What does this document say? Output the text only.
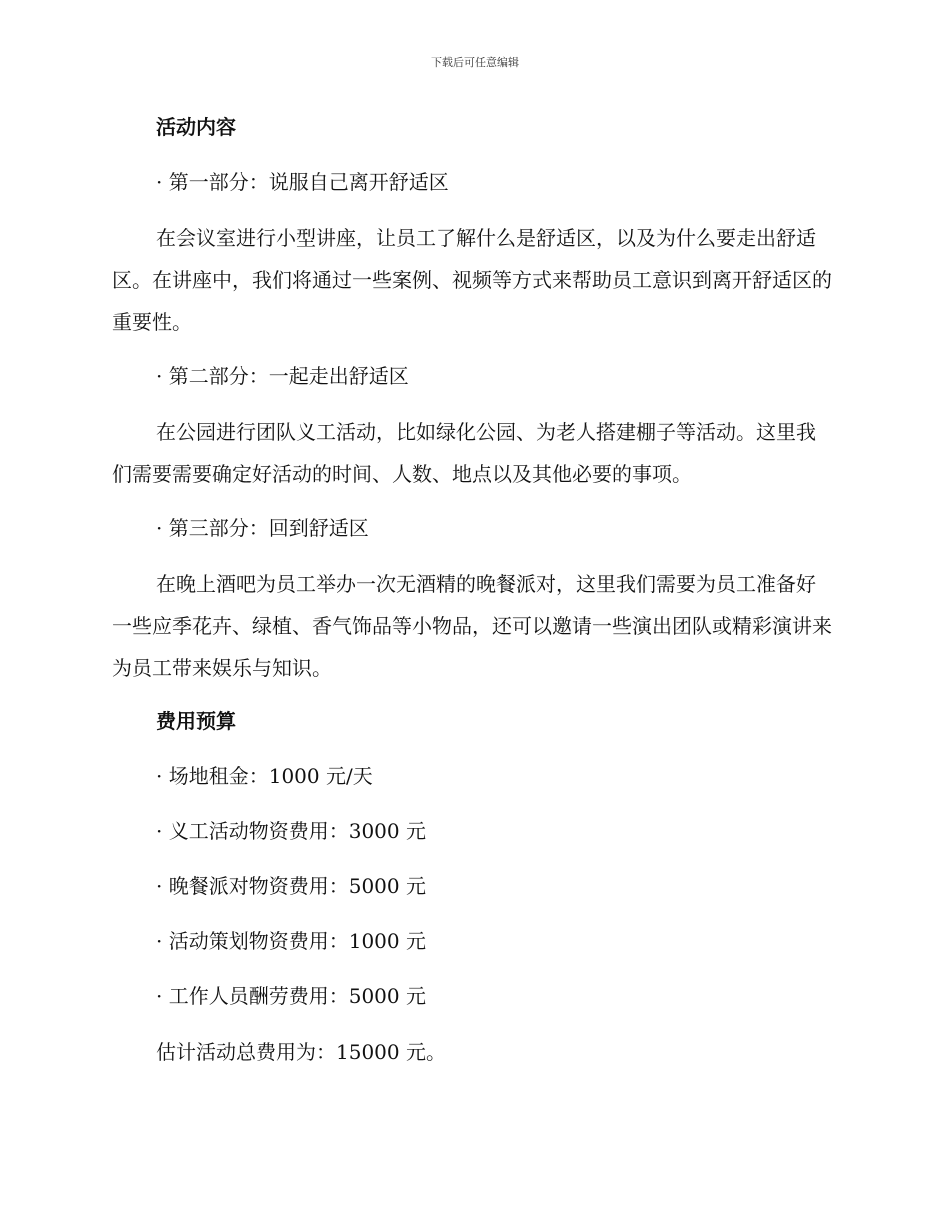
下载后可任意编辑
活动内容
· 第一部分：说服自己离开舒适区
在会议室进行小型讲座，让员工了解什么是舒适区，以及为什么要走出舒适区。在讲座中，我们将通过一些案例、视频等方式来帮助员工意识到离开舒适区的重要性。
· 第二部分：一起走出舒适区
在公园进行团队义工活动，比如绿化公园、为老人搭建棚子等活动。这里我们需要需要确定好活动的时间、人数、地点以及其他必要的事项。
· 第三部分：回到舒适区
在晚上酒吧为员工举办一次无酒精的晚餐派对，这里我们需要为员工准备好一些应季花卉、绿植、香气饰品等小物品，还可以邀请一些演出团队或精彩演讲来为员工带来娱乐与知识。
费用预算
· 场地租金：1000 元/天
· 义工活动物资费用：3000 元
· 晚餐派对物资费用：5000 元
· 活动策划物资费用：1000 元
· 工作人员酬劳费用：5000 元
估计活动总费用为：15000 元。
